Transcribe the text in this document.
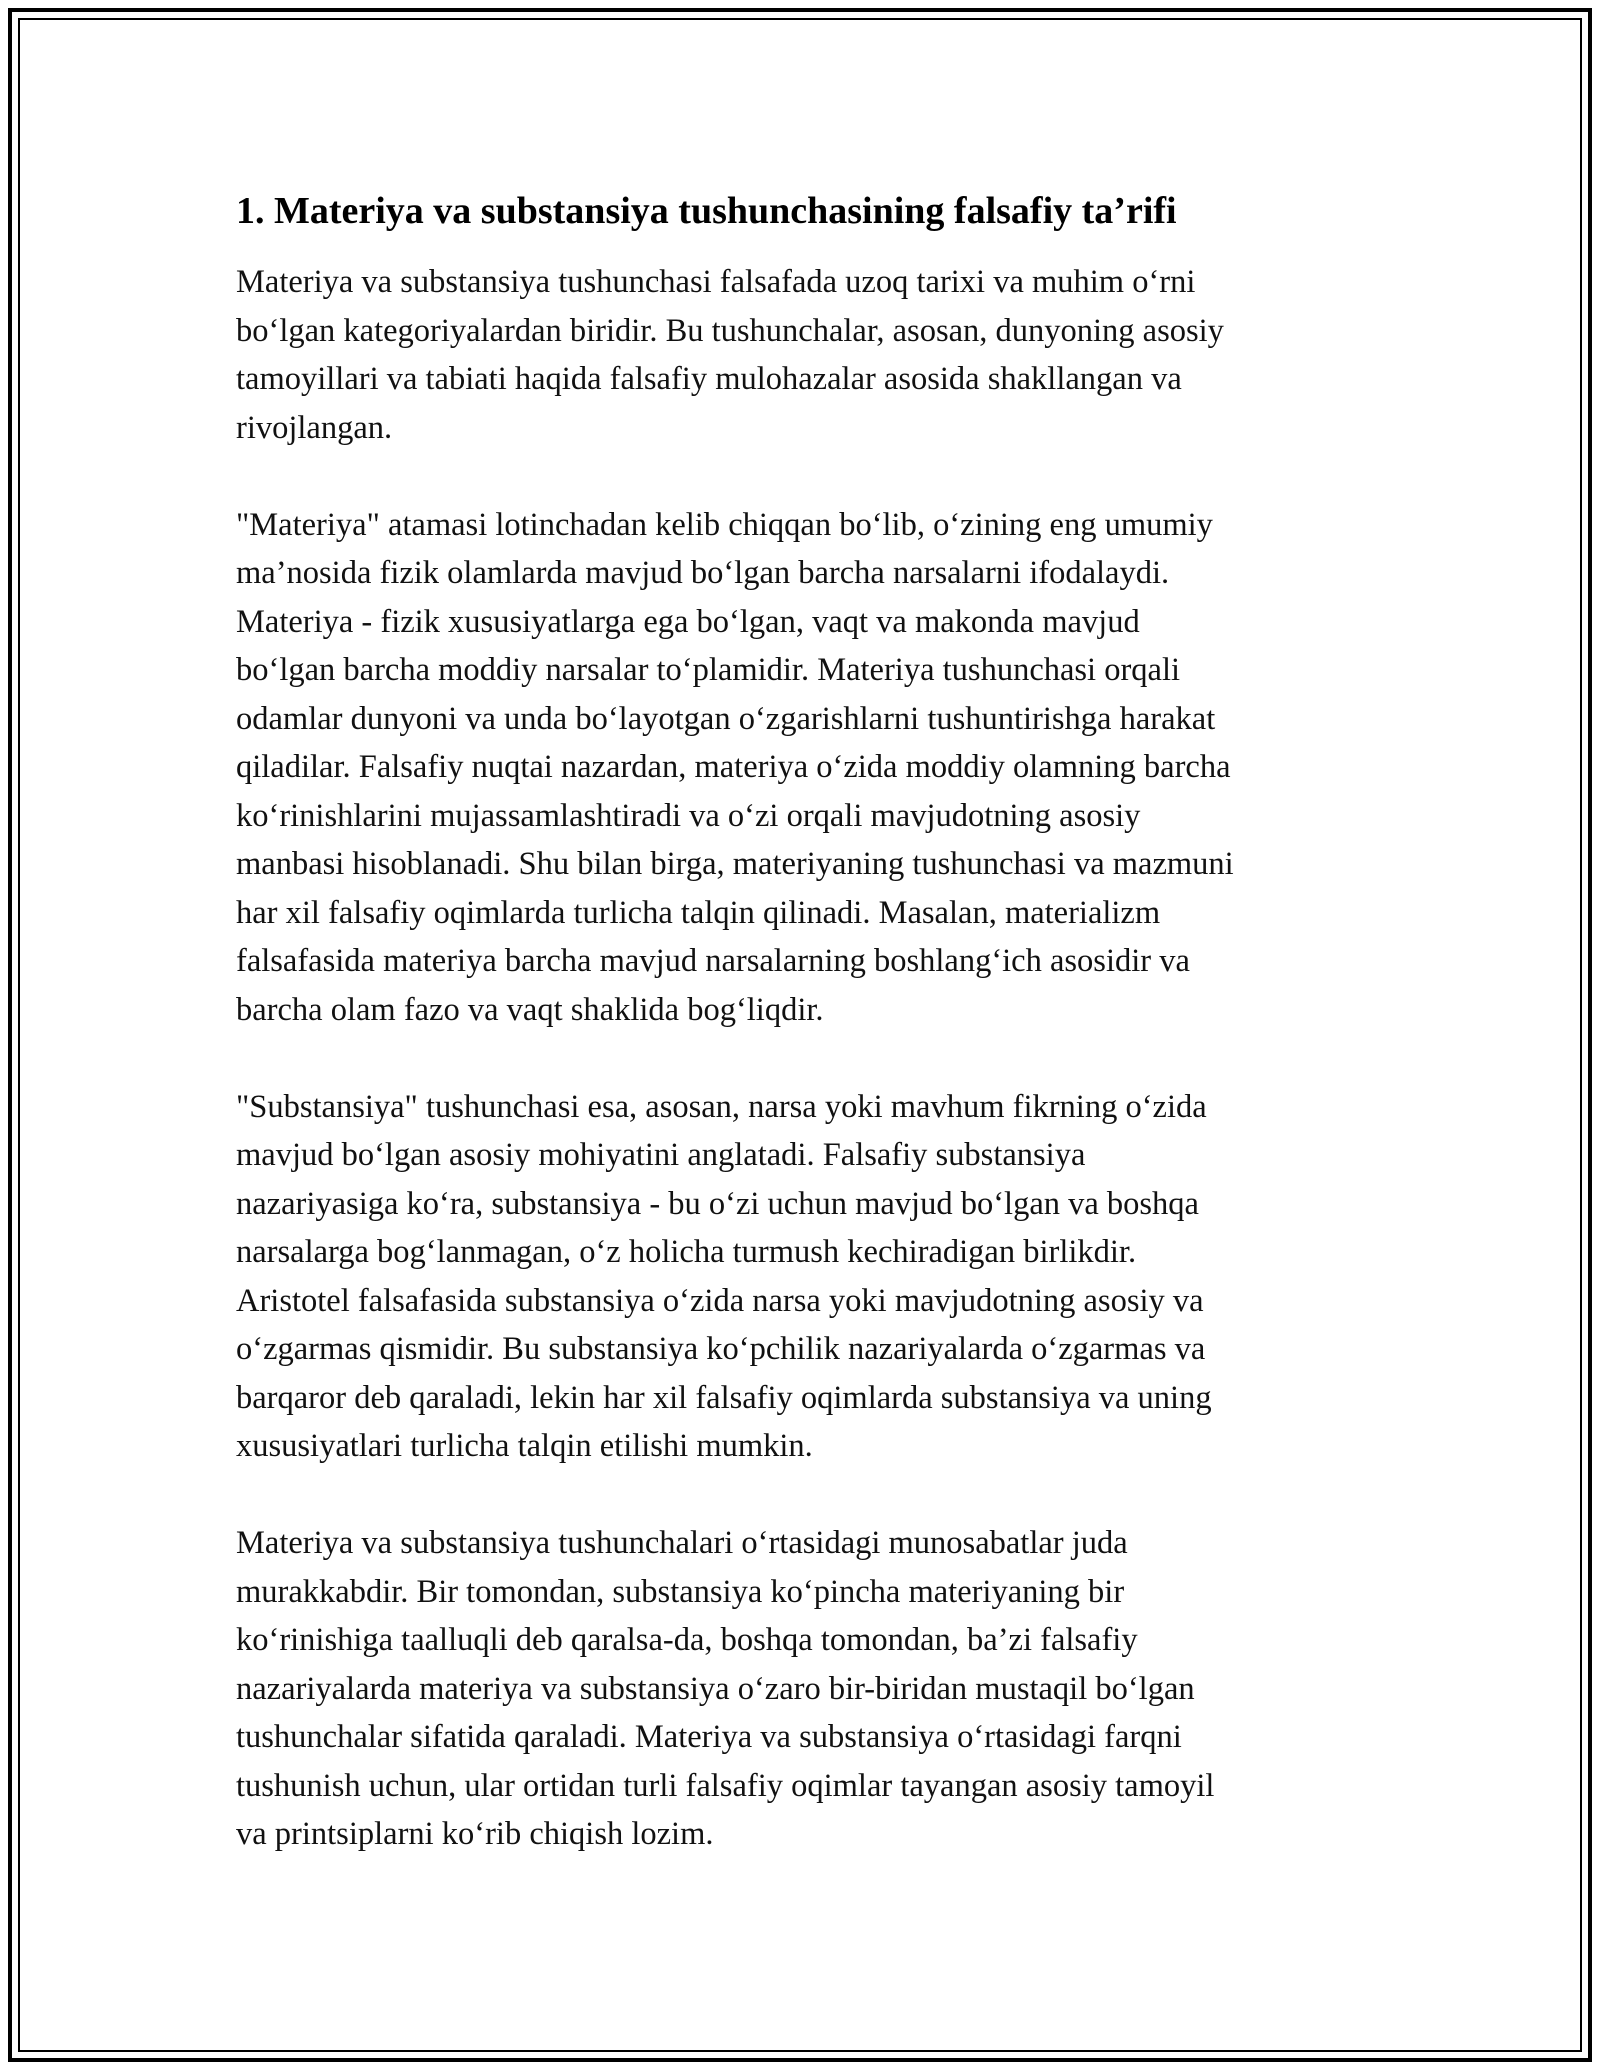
1. Materiya va substansiya tushunchasining falsafiy ta’rifi
Materiya va substansiya tushunchasi falsafada uzoq tarixi va muhim o‘rni
bo‘lgan kategoriyalardan biridir. Bu tushunchalar, asosan, dunyoning asosiy
tamoyillari va tabiati haqida falsafiy mulohazalar asosida shakllangan va
rivojlangan.
"Materiya" atamasi lotinchadan kelib chiqqan bo‘lib, o‘zining eng umumiy
ma’nosida fizik olamlarda mavjud bo‘lgan barcha narsalarni ifodalaydi.
Materiya - fizik xususiyatlarga ega bo‘lgan, vaqt va makonda mavjud
bo‘lgan barcha moddiy narsalar to‘plamidir. Materiya tushunchasi orqali
odamlar dunyoni va unda bo‘layotgan o‘zgarishlarni tushuntirishga harakat
qiladilar. Falsafiy nuqtai nazardan, materiya o‘zida moddiy olamning barcha
ko‘rinishlarini mujassamlashtiradi va o‘zi orqali mavjudotning asosiy
manbasi hisoblanadi. Shu bilan birga, materiyaning tushunchasi va mazmuni
har xil falsafiy oqimlarda turlicha talqin qilinadi. Masalan, materializm
falsafasida materiya barcha mavjud narsalarning boshlang‘ich asosidir va
barcha olam fazo va vaqt shaklida bog‘liqdir.
"Substansiya" tushunchasi esa, asosan, narsa yoki mavhum fikrning o‘zida
mavjud bo‘lgan asosiy mohiyatini anglatadi. Falsafiy substansiya
nazariyasiga ko‘ra, substansiya - bu o‘zi uchun mavjud bo‘lgan va boshqa
narsalarga bog‘lanmagan, o‘z holicha turmush kechiradigan birlikdir.
Aristotel falsafasida substansiya o‘zida narsa yoki mavjudotning asosiy va
o‘zgarmas qismidir. Bu substansiya ko‘pchilik nazariyalarda o‘zgarmas va
barqaror deb qaraladi, lekin har xil falsafiy oqimlarda substansiya va uning
xususiyatlari turlicha talqin etilishi mumkin.
Materiya va substansiya tushunchalari o‘rtasidagi munosabatlar juda
murakkabdir. Bir tomondan, substansiya ko‘pincha materiyaning bir
ko‘rinishiga taalluqli deb qaralsa-da, boshqa tomondan, ba’zi falsafiy
nazariyalarda materiya va substansiya o‘zaro bir-biridan mustaqil bo‘lgan
tushunchalar sifatida qaraladi. Materiya va substansiya o‘rtasidagi farqni
tushunish uchun, ular ortidan turli falsafiy oqimlar tayangan asosiy tamoyil
va printsiplarni ko‘rib chiqish lozim.
